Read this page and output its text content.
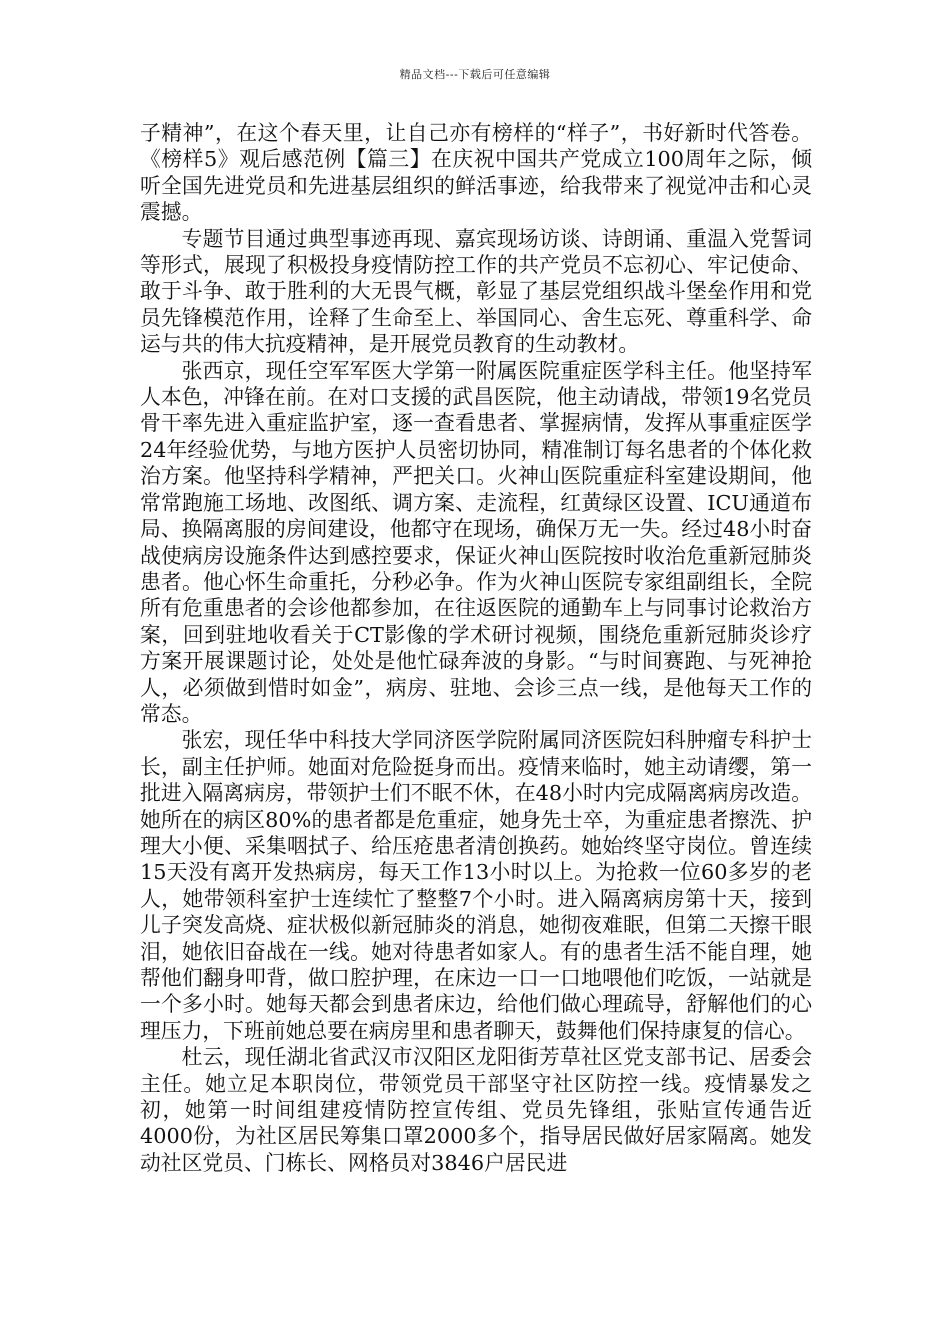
精品文档---下载后可任意编辑

子精神”，在这个春天里，让自己亦有榜样的“样子”，书好新时代答卷。《榜样5》观后感范例【篇三】在庆祝中国共产党成立100周年之际，倾听全国先进党员和先进基层组织的鲜活事迹，给我带来了视觉冲击和心灵震撼。

专题节目通过典型事迹再现、嘉宾现场访谈、诗朗诵、重温入党誓词等形式，展现了积极投身疫情防控工作的共产党员不忘初心、牢记使命、敢于斗争、敢于胜利的大无畏气概，彰显了基层党组织战斗堡垒作用和党员先锋模范作用，诠释了生命至上、举国同心、舍生忘死、尊重科学、命运与共的伟大抗疫精神，是开展党员教育的生动教材。

张西京，现任空军军医大学第一附属医院重症医学科主任。他坚持军人本色，冲锋在前。在对口支援的武昌医院，他主动请战，带领19名党员骨干率先进入重症监护室，逐一查看患者、掌握病情，发挥从事重症医学24年经验优势，与地方医护人员密切协同，精准制订每名患者的个体化救治方案。他坚持科学精神，严把关口。火神山医院重症科室建设期间，他常常跑施工场地、改图纸、调方案、走流程，红黄绿区设置、ICU通道布局、换隔离服的房间建设，他都守在现场，确保万无一失。经过48小时奋战使病房设施条件达到感控要求，保证火神山医院按时收治危重新冠肺炎患者。他心怀生命重托，分秒必争。作为火神山医院专家组副组长，全院所有危重患者的会诊他都参加，在往返医院的通勤车上与同事讨论救治方案，回到驻地收看关于CT影像的学术研讨视频，围绕危重新冠肺炎诊疗方案开展课题讨论，处处是他忙碌奔波的身影。“与时间赛跑、与死神抢人，必须做到惜时如金”，病房、驻地、会诊三点一线，是他每天工作的常态。

张宏，现任华中科技大学同济医学院附属同济医院妇科肿瘤专科护士长，副主任护师。她面对危险挺身而出。疫情来临时，她主动请缨，第一批进入隔离病房，带领护士们不眠不休，在48小时内完成隔离病房改造。她所在的病区80%的患者都是危重症，她身先士卒，为重症患者擦洗、护理大小便、采集咽拭子、给压疮患者清创换药。她始终坚守岗位。曾连续15天没有离开发热病房，每天工作13小时以上。为抢救一位60多岁的老人，她带领科室护士连续忙了整整7个小时。进入隔离病房第十天，接到儿子突发高烧、症状极似新冠肺炎的消息，她彻夜难眠，但第二天擦干眼泪，她依旧奋战在一线。她对待患者如家人。有的患者生活不能自理，她帮他们翻身叩背，做口腔护理，在床边一口一口地喂他们吃饭，一站就是一个多小时。她每天都会到患者床边，给他们做心理疏导，舒解他们的心理压力，下班前她总要在病房里和患者聊天，鼓舞他们保持康复的信心。

杜云，现任湖北省武汉市汉阳区龙阳街芳草社区党支部书记、居委会主任。她立足本职岗位，带领党员干部坚守社区防控一线。疫情暴发之初，她第一时间组建疫情防控宣传组、党员先锋组，张贴宣传通告近4000份，为社区居民筹集口罩2000多个，指导居民做好居家隔离。她发动社区党员、门栋长、网格员对3846户居民进
